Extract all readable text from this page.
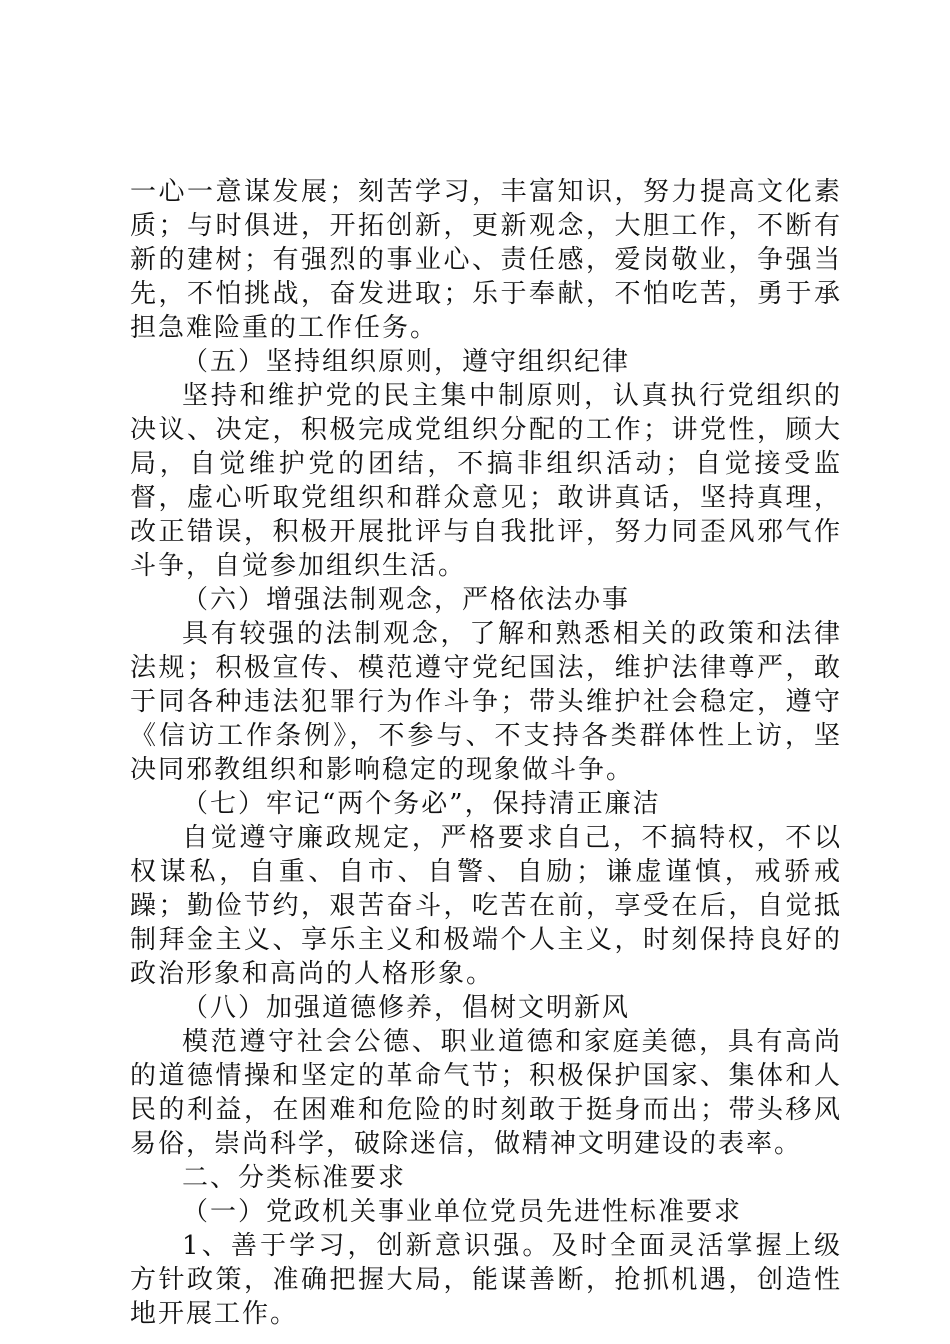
一心一意谋发展；刻苦学习，丰富知识，努力提高文化素质；与时俱进，开拓创新，更新观念，大胆工作，不断有新的建树；有强烈的事业心、责任感，爱岗敬业，争强当先，不怕挑战，奋发进取；乐于奉献，不怕吃苦，勇于承担急难险重的工作任务。

（五）坚持组织原则，遵守组织纪律

坚持和维护党的民主集中制原则，认真执行党组织的决议、决定，积极完成党组织分配的工作；讲党性，顾大局，自觉维护党的团结，不搞非组织活动；自觉接受监督，虚心听取党组织和群众意见；敢讲真话，坚持真理，改正错误，积极开展批评与自我批评，努力同歪风邪气作斗争，自觉参加组织生活。

（六）增强法制观念，严格依法办事

具有较强的法制观念，了解和熟悉相关的政策和法律法规；积极宣传、模范遵守党纪国法，维护法律尊严，敢于同各种违法犯罪行为作斗争；带头维护社会稳定，遵守《信访工作条例》，不参与、不支持各类群体性上访，坚决同邪教组织和影响稳定的现象做斗争。

（七）牢记“两个务必”，保持清正廉洁

自觉遵守廉政规定，严格要求自己，不搞特权，不以权谋私，自重、自市、自警、自励；谦虚谨慎，戒骄戒躁；勤俭节约，艰苦奋斗，吃苦在前，享受在后，自觉抵制拜金主义、享乐主义和极端个人主义，时刻保持良好的政治形象和高尚的人格形象。

（八）加强道德修养，倡树文明新风

模范遵守社会公德、职业道德和家庭美德，具有高尚的道德情操和坚定的革命气节；积极保护国家、集体和人民的利益，在困难和危险的时刻敢于挺身而出；带头移风易俗，崇尚科学，破除迷信，做精神文明建设的表率。

二、分类标准要求

（一）党政机关事业单位党员先进性标准要求

1、善于学习，创新意识强。及时全面灵活掌握上级方针政策，准确把握大局，能谋善断，抢抓机遇，创造性地开展工作。
